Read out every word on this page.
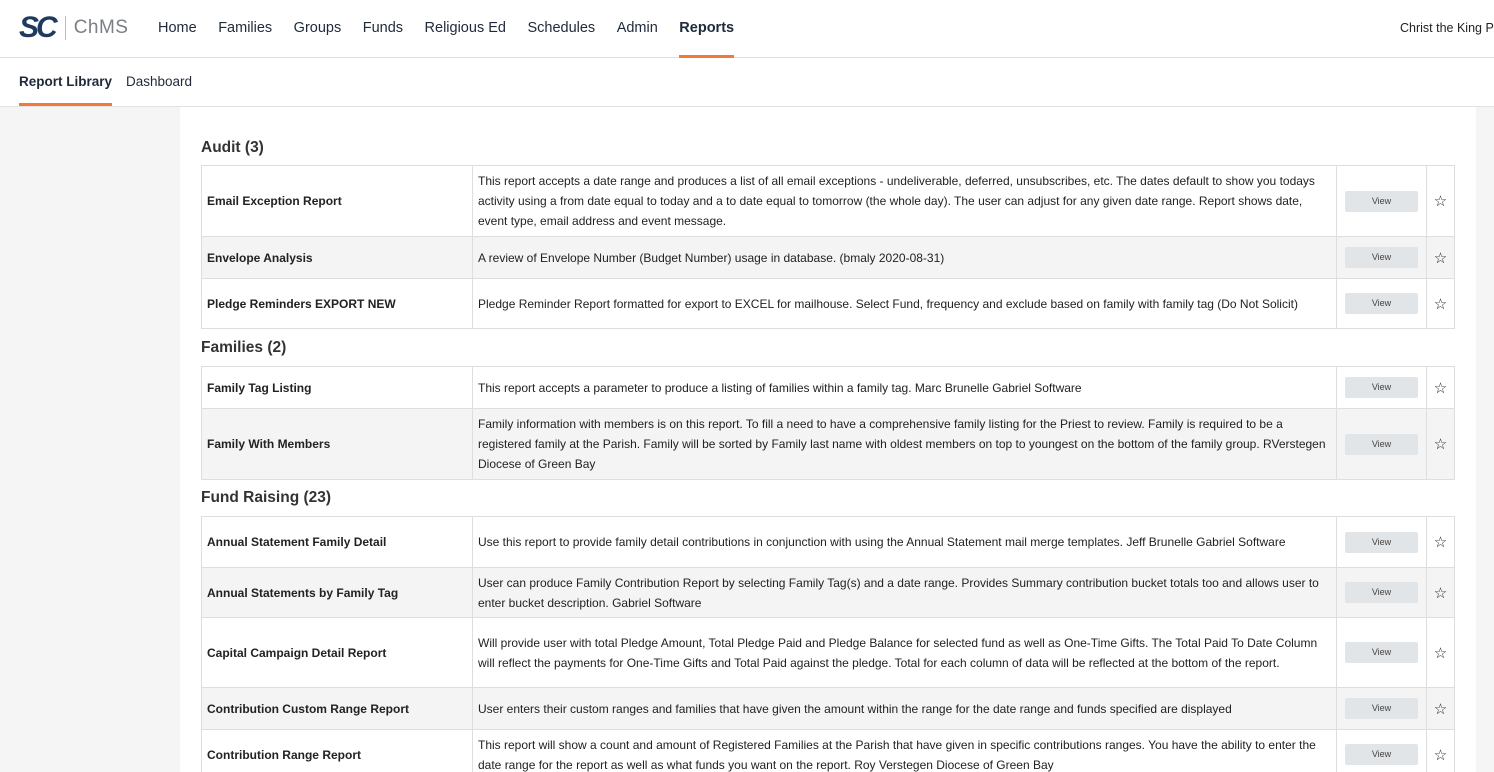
SC ChMS Home Families Groups Funds Religious Ed Schedules Admin Reports	Christ the King P
Report Library Dashboard
Audit (3)
Email Exception Report	This report accepts a date range and produces a list of all email exceptions - undeliverable, deferred, unsubscribes, etc. The dates default to show you todays activity using a from date equal to today and a to date equal to tomorrow (the whole day). The user can adjust for any given date range. Report shows date, event type, email address and event message.	View	☆
Envelope Analysis	A review of Envelope Number (Budget Number) usage in database. (bmaly 2020-08-31)	View	☆
Pledge Reminders EXPORT NEW	Pledge Reminder Report formatted for export to EXCEL for mailhouse. Select Fund, frequency and exclude based on family with family tag (Do Not Solicit)	View	☆
Families (2)
Family Tag Listing	This report accepts a parameter to produce a listing of families within a family tag. Marc Brunelle Gabriel Software	View	☆
Family With Members	Family information with members is on this report. To fill a need to have a comprehensive family listing for the Priest to review. Family is required to be a registered family at the Parish. Family will be sorted by Family last name with oldest members on top to youngest on the bottom of the family group. RVerstegen Diocese of Green Bay	View	☆
Fund Raising (23)
Annual Statement Family Detail	Use this report to provide family detail contributions in conjunction with using the Annual Statement mail merge templates. Jeff Brunelle Gabriel Software	View	☆
Annual Statements by Family Tag	User can produce Family Contribution Report by selecting Family Tag(s) and a date range. Provides Summary contribution bucket totals too and allows user to enter bucket description. Gabriel Software	View	☆
Capital Campaign Detail Report	Will provide user with total Pledge Amount, Total Pledge Paid and Pledge Balance for selected fund as well as One-Time Gifts. The Total Paid To Date Column will reflect the payments for One-Time Gifts and Total Paid against the pledge. Total for each column of data will be reflected at the bottom of the report.	View	☆
Contribution Custom Range Report	User enters their custom ranges and families that have given the amount within the range for the date range and funds specified are displayed	View	☆
Contribution Range Report	This report will show a count and amount of Registered Families at the Parish that have given in specific contributions ranges. You have the ability to enter the date range for the report as well as what funds you want on the report. Roy Verstegen Diocese of Green Bay	View	☆
